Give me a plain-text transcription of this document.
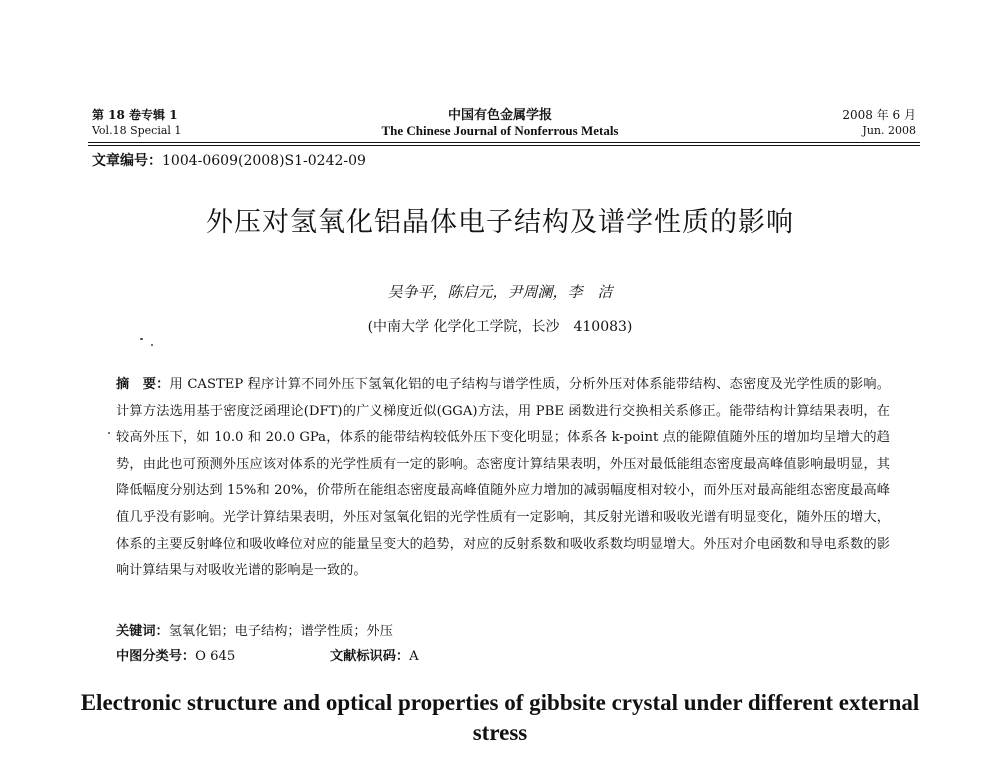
第 18 卷专辑 1
Vol.18 Special 1
中国有色金属学报
The Chinese Journal of Nonferrous Metals
2008 年 6 月
Jun. 2008
文章编号：1004-0609(2008)S1-0242-09
外压对氢氧化铝晶体电子结构及谱学性质的影响
吴争平，陈启元，尹周澜，李　洁
(中南大学 化学化工学院，长沙　410083)

摘　要：用 CASTEP 程序计算不同外压下氢氧化铝的电子结构与谱学性质，分析外压对体系能带结构、态密度及光学性质的影响。计算方法选用基于密度泛函理论(DFT)的广义梯度近似(GGA)方法，用 PBE 函数进行交换相关系修正。能带结构计算结果表明，在较高外压下，如 10.0 和 20.0 GPa，体系的能带结构较低外压下变化明显；体系各 k-point 点的能隙值随外压的增加均呈增大的趋势，由此也可预测外压应该对体系的光学性质有一定的影响。态密度计算结果表明，外压对最低能组态密度最高峰值影响最明显，其降低幅度分别达到 15%和 20%，价带所在能组态密度最高峰值随外应力增加的减弱幅度相对较小，而外压对最高能组态密度最高峰值几乎没有影响。光学计算结果表明，外压对氢氧化铝的光学性质有一定影响，其反射光谱和吸收光谱有明显变化，随外压的增大，体系的主要反射峰位和吸收峰位对应的能量呈变大的趋势，对应的反射系数和吸收系数均明显增大。外压对介电函数和导电系数的影响计算结果与对吸收光谱的影响是一致的。

关键词：氢氧化铝；电子结构；谱学性质；外压
中图分类号：O 645	文献标识码：A
Electronic structure and optical properties of gibbsite crystal under different external stress
